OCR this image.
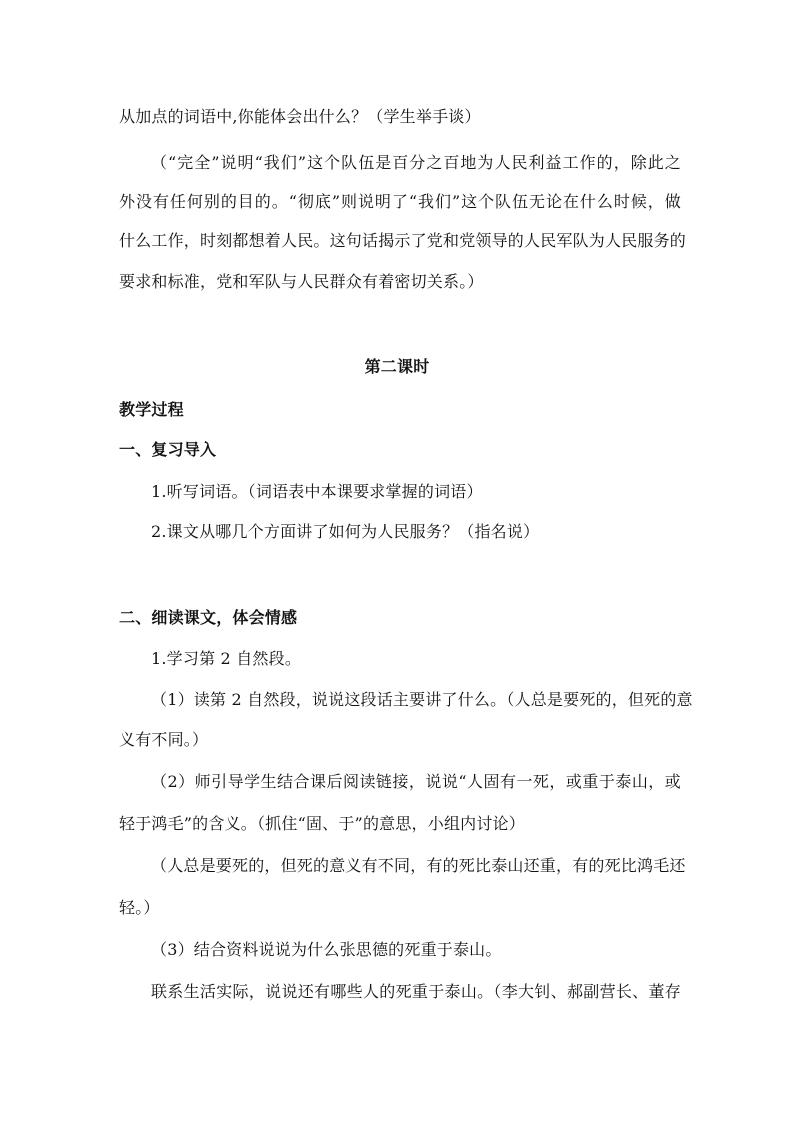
从加点的词语中,你能体会出什么？（学生举手谈）
（“完全”说明“我们”这个队伍是百分之百地为人民利益工作的，除此之
外没有任何别的目的。“彻底”则说明了“我们”这个队伍无论在什么时候，做
什么工作，时刻都想着人民。这句话揭示了党和党领导的人民军队为人民服务的
要求和标准，党和军队与人民群众有着密切关系。）
第二课时
教学过程
一、复习导入
1.听写词语。（词语表中本课要求掌握的词语）
2.课文从哪几个方面讲了如何为人民服务？（指名说）
二、细读课文，体会情感
1.学习第 2 自然段。
（1）读第 2 自然段，说说这段话主要讲了什么。（人总是要死的，但死的意
义有不同。）
（2）师引导学生结合课后阅读链接，说说“人固有一死，或重于泰山，或
轻于鸿毛”的含义。（抓住“固、于”的意思，小组内讨论）
（人总是要死的，但死的意义有不同，有的死比泰山还重，有的死比鸿毛还
轻。）
（3）结合资料说说为什么张思德的死重于泰山。
联系生活实际，说说还有哪些人的死重于泰山。（李大钊、郝副营长、董存
